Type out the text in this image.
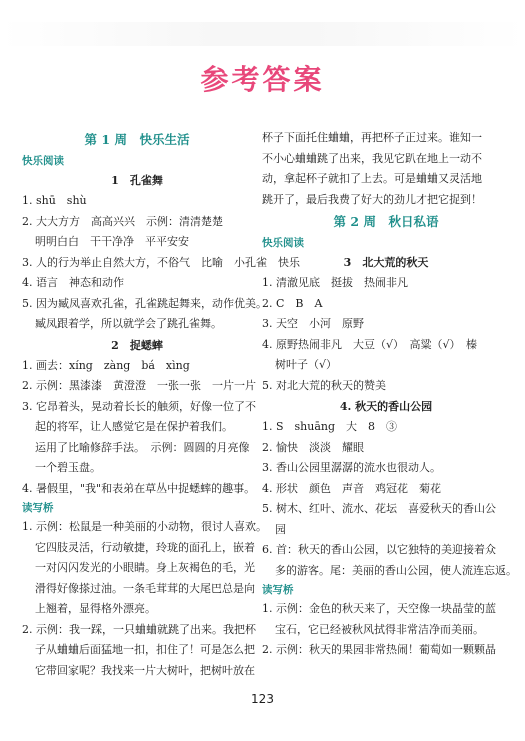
参考答案
第 1 周　快乐生活
快乐阅读
1　孔雀舞
1. shū　shù
2. 大大方方　高高兴兴　示例：清清楚楚
明明白白　干干净净　平平安安
3. 人的行为举止自然大方，不俗气　比喻　小孔雀　快乐
4. 语言　神态和动作
5. 因为臧凤喜欢孔雀，孔雀跳起舞来，动作优美。
臧凤跟着学，所以就学会了跳孔雀舞。
2　捉蟋蟀
1. 画去：xíng　zàng　bá　xìng
2. 示例：黑漆漆　黄澄澄　一张一张　一片一片
3. 它昂着头，晃动着长长的触须，好像一位了不
起的将军，让人感觉它是在保护着我们。
运用了比喻修辞手法。　示例：圆圆的月亮像
一个碧玉盘。
4. 暑假里，"我"和表弟在草丛中捉蟋蟀的趣事。
读写桥
1. 示例：松鼠是一种美丽的小动物，很讨人喜欢。
它四肢灵活，行动敏捷，玲珑的面孔上，嵌着
一对闪闪发光的小眼睛。身上灰褐色的毛，光
滑得好像搽过油。一条毛茸茸的大尾巴总是向
上翘着，显得格外漂亮。
2. 示例：我一踩，一只蛐蛐就跳了出来。我把杯
子从蛐蛐后面猛地一扣，扣住了！可是怎么把
它带回家呢？我找来一片大树叶，把树叶放在
杯子下面托住蛐蛐，再把杯子正过来。谁知一
不小心蛐蛐跳了出来，我见它趴在地上一动不
动，拿起杯子就扣了上去。可是蛐蛐又灵活地
跳开了，最后我费了好大的劲儿才把它捉到！
第 2 周　秋日私语
快乐阅读
3　北大荒的秋天
1. 清澈见底　挺拔　热闹非凡
2. C　B　A
3. 天空　小河　原野
4. 原野热闹非凡　大豆（√）　高粱（√）　榛
树叶子（√）
5. 对北大荒的秋天的赞美
4. 秋天的香山公园
1. S　shuāng　大　8　③
2. 愉快　淡淡　耀眼
3. 香山公园里潺潺的流水也很动人。
4. 形状　颜色　声音　鸡冠花　菊花
5. 树木、红叶、流水、花坛　喜爱秋天的香山公
园
6. 首：秋天的香山公园，以它独特的美迎接着众
多的游客。尾：美丽的香山公园，使人流连忘返。
读写桥
1. 示例：金色的秋天来了，天空像一块晶莹的蓝
宝石，它已经被秋风拭得非常洁净而美丽。
2. 示例：秋天的果园非常热闹！葡萄如一颗颗晶
123
